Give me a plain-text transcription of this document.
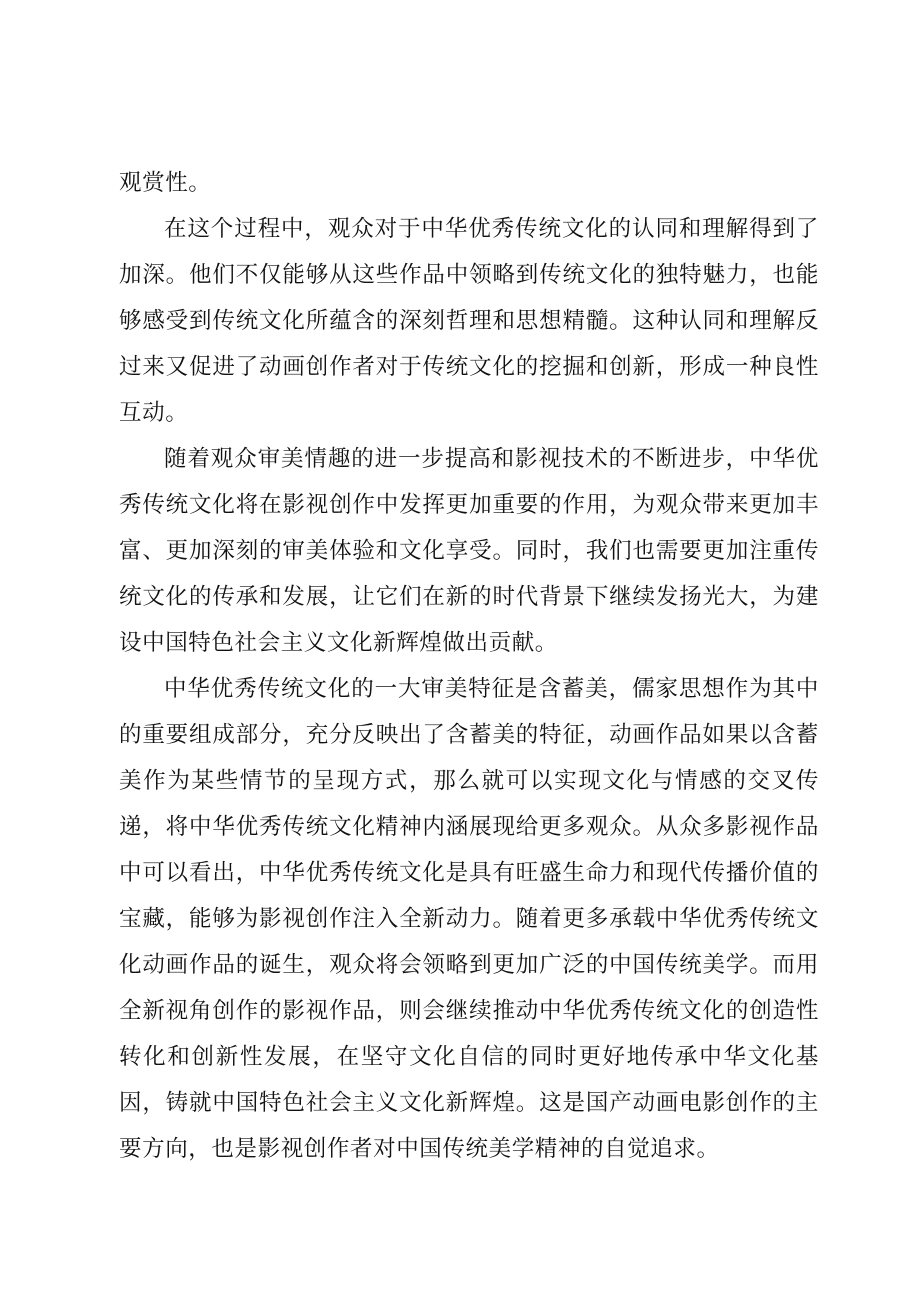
观赏性。

在这个过程中，观众对于中华优秀传统文化的认同和理解得到了加深。他们不仅能够从这些作品中领略到传统文化的独特魅力，也能够感受到传统文化所蕴含的深刻哲理和思想精髓。这种认同和理解反过来又促进了动画创作者对于传统文化的挖掘和创新，形成一种良性互动。

随着观众审美情趣的进一步提高和影视技术的不断进步，中华优秀传统文化将在影视创作中发挥更加重要的作用，为观众带来更加丰富、更加深刻的审美体验和文化享受。同时，我们也需要更加注重传统文化的传承和发展，让它们在新的时代背景下继续发扬光大，为建设中国特色社会主义文化新辉煌做出贡献。

中华优秀传统文化的一大审美特征是含蓄美，儒家思想作为其中的重要组成部分，充分反映出了含蓄美的特征，动画作品如果以含蓄美作为某些情节的呈现方式，那么就可以实现文化与情感的交叉传递，将中华优秀传统文化精神内涵展现给更多观众。从众多影视作品中可以看出，中华优秀传统文化是具有旺盛生命力和现代传播价值的宝藏，能够为影视创作注入全新动力。随着更多承载中华优秀传统文化动画作品的诞生，观众将会领略到更加广泛的中国传统美学。而用全新视角创作的影视作品，则会继续推动中华优秀传统文化的创造性转化和创新性发展，在坚守文化自信的同时更好地传承中华文化基因，铸就中国特色社会主义文化新辉煌。这是国产动画电影创作的主要方向，也是影视创作者对中国传统美学精神的自觉追求。
